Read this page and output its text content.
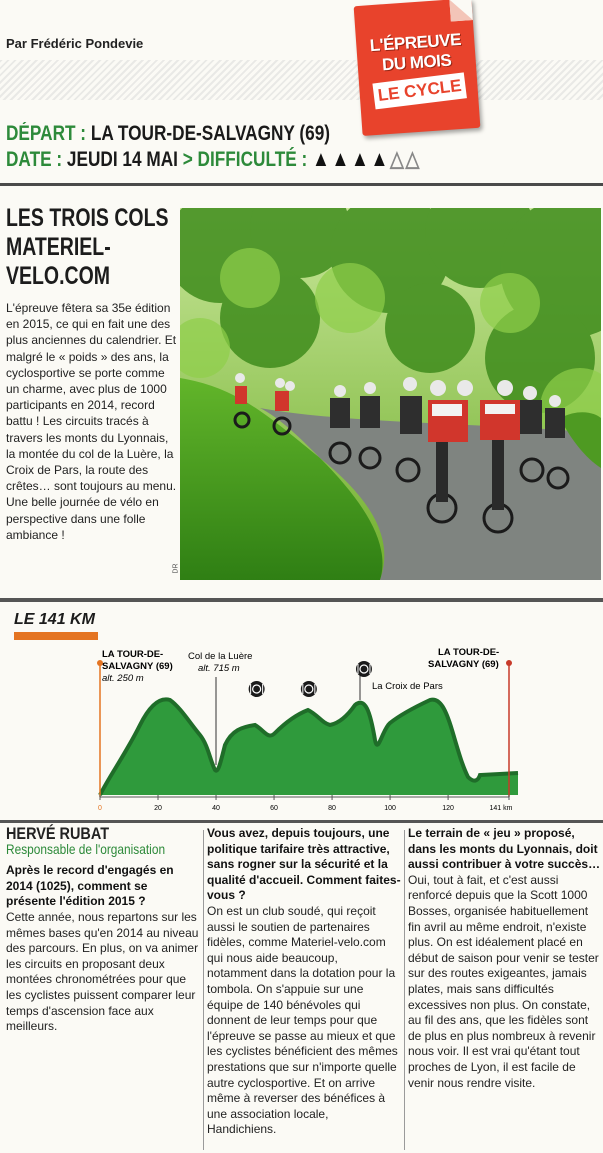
Par Frédéric Pondevie	L'ÉPREUVE
DU MOIS
LE CYCLE
DÉPART : LA TOUR-DE-SALVAGNY (69)
DATE : JEUDI 14 MAI > DIFFICULTÉ : ▲▲▲▲△△
LES TROIS COLS MATERIEL-VELO.COM
L'épreuve fêtera sa 35e édition en 2015, ce qui en fait une des plus anciennes du calendrier. Et malgré le « poids » des ans, la cyclosportive se porte comme un charme, avec plus de 1000 participants en 2014, record battu ! Les circuits tracés à travers les monts du Lyonnais, la montée du col de la Luère, la Croix de Pars, la route des crêtes… sont toujours au menu. Une belle journée de vélo en perspective dans une folle ambiance !
DR
LE 141 KM
0	20	40	60	80	100	120	141 km
LA TOUR-DE-
SALVAGNY (69)
alt. 250 m
Col de la Luère
alt. 715 m
La Croix de Pars
LA TOUR-DE-
SALVAGNY (69)
HERVÉ RUBAT
Responsable de l'organisation
Après le record d'engagés en 2014 (1025), comment se présente l'édition 2015 ?
Cette année, nous repartons sur les mêmes bases qu'en 2014 au niveau des parcours. En plus, on va animer les circuits en proposant deux montées chronométrées pour que les cyclistes puissent comparer leur temps d'ascension face aux meilleurs.
Vous avez, depuis toujours, une politique tarifaire très attractive, sans rogner sur la sécurité et la qualité d'accueil. Comment faites-vous ?
On est un club soudé, qui reçoit aussi le soutien de partenaires fidèles, comme Materiel-velo.com qui nous aide beaucoup, notamment dans la dotation pour la tombola. On s'appuie sur une équipe de 140 bénévoles qui donnent de leur temps pour que l'épreuve se passe au mieux et que les cyclistes bénéficient des mêmes prestations que sur n'importe quelle autre cyclosportive. Et on arrive même à reverser des bénéfices à une association locale, Handichiens.
Le terrain de « jeu » proposé, dans les monts du Lyonnais, doit aussi contribuer à votre succès…
Oui, tout à fait, et c'est aussi renforcé depuis que la Scott 1000 Bosses, organisée habituellement fin avril au même endroit, n'existe plus. On est idéalement placé en début de saison pour venir se tester sur des routes exigeantes, jamais plates, mais sans difficultés excessives non plus. On constate, au fil des ans, que les fidèles sont de plus en plus nombreux à revenir nous voir. Il est vrai qu'étant tout proches de Lyon, il est facile de venir nous rendre visite.
